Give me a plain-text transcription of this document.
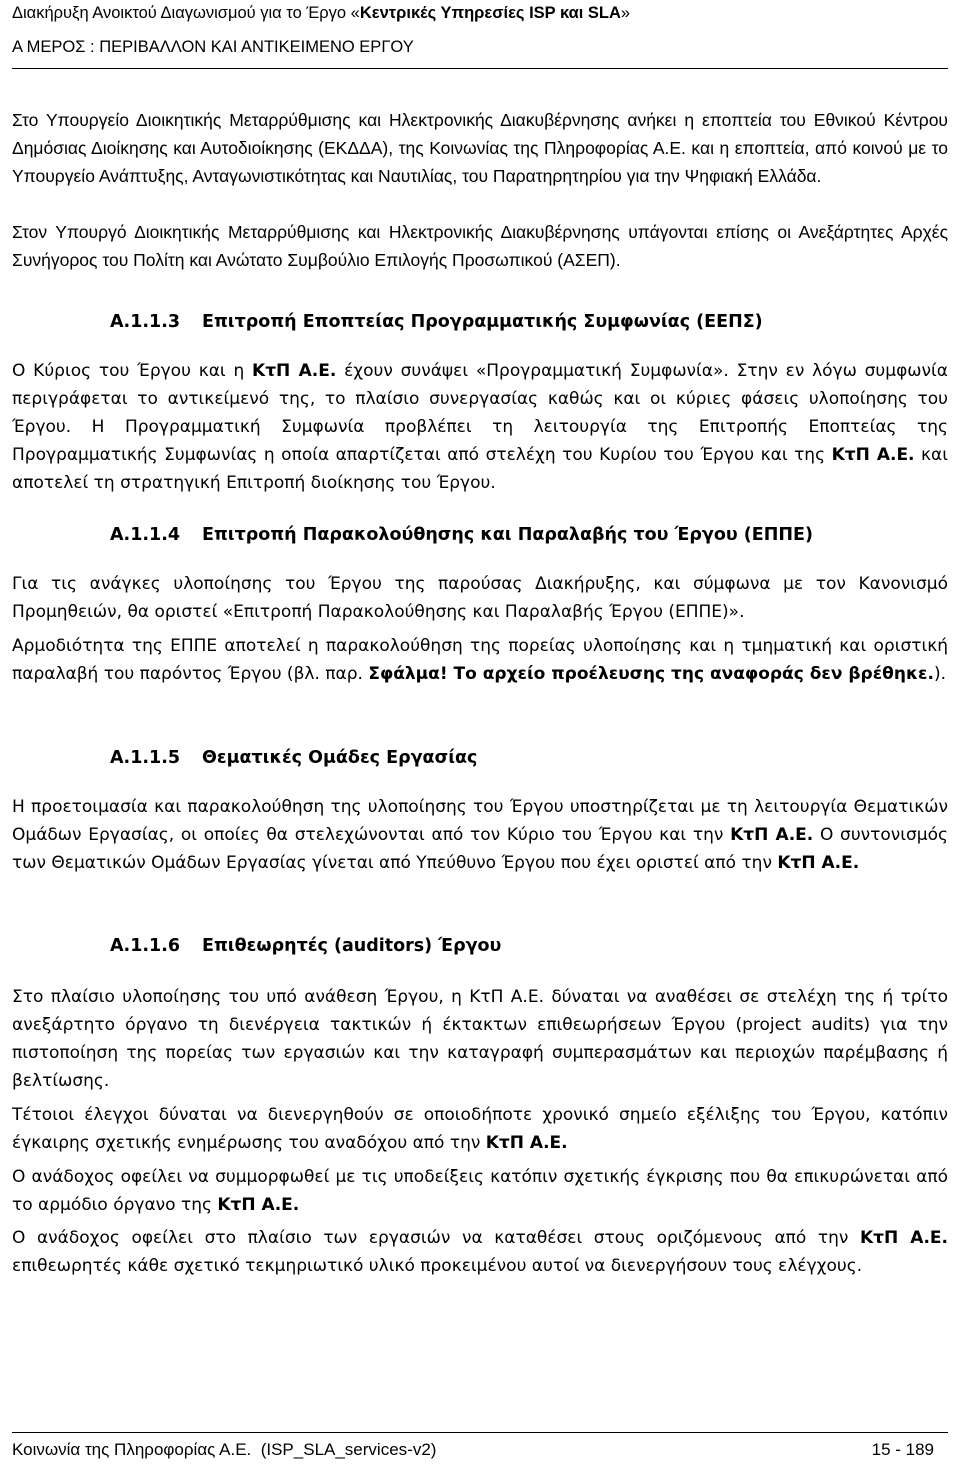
Διακήρυξη Ανοικτού Διαγωνισμού για το Έργο «Κεντρικές Υπηρεσίες ISP και SLA»
Α ΜΕΡΟΣ : ΠΕΡΙΒΑΛΛΟΝ ΚΑΙ ΑΝΤΙΚΕΙΜΕΝΟ ΕΡΓΟΥ

Στο Υπουργείο Διοικητικής Μεταρρύθμισης και Ηλεκτρονικής Διακυβέρνησης ανήκει η εποπτεία του Εθνικού Κέντρου Δημόσιας Διοίκησης και Αυτοδιοίκησης (ΕΚΔΔΑ), της Κοινωνίας της Πληροφορίας Α.Ε. και η εποπτεία, από κοινού με το Υπουργείο Ανάπτυξης, Ανταγωνιστικότητας και Ναυτιλίας, του Παρατηρητηρίου για την Ψηφιακή Ελλάδα.

Στον Υπουργό Διοικητικής Μεταρρύθμισης και Ηλεκτρονικής Διακυβέρνησης υπάγονται επίσης οι Ανεξάρτητες Αρχές Συνήγορος του Πολίτη και Ανώτατο Συμβούλιο Επιλογής Προσωπικού (ΑΣΕΠ).

Α.1.1.3 Επιτροπή Εποπτείας Προγραμματικής Συμφωνίας (ΕΕΠΣ)

Ο Κύριος του Έργου και η ΚτΠ Α.Ε. έχουν συνάψει «Προγραμματική Συμφωνία». Στην εν λόγω συμφωνία περιγράφεται το αντικείμενό της, το πλαίσιο συνεργασίας καθώς και οι κύριες φάσεις υλοποίησης του Έργου. Η Προγραμματική Συμφωνία προβλέπει τη λειτουργία της Επιτροπής Εποπτείας της Προγραμματικής Συμφωνίας η οποία απαρτίζεται από στελέχη του Κυρίου του Έργου και της ΚτΠ Α.Ε. και αποτελεί τη στρατηγική Επιτροπή διοίκησης του Έργου.

Α.1.1.4 Επιτροπή Παρακολούθησης και Παραλαβής του Έργου (ΕΠΠΕ)

Για τις ανάγκες υλοποίησης του Έργου της παρούσας Διακήρυξης, και σύμφωνα με τον Κανονισμό Προμηθειών, θα οριστεί «Επιτροπή Παρακολούθησης και Παραλαβής Έργου (ΕΠΠΕ)».

Αρμοδιότητα της ΕΠΠΕ αποτελεί η παρακολούθηση της πορείας υλοποίησης και η τμηματική και οριστική παραλαβή του παρόντος Έργου (βλ. παρ. Σφάλμα! Το αρχείο προέλευσης της αναφοράς δεν βρέθηκε.).

Α.1.1.5 Θεματικές Ομάδες Εργασίας

Η προετοιμασία και παρακολούθηση της υλοποίησης του Έργου υποστηρίζεται με τη λειτουργία Θεματικών Ομάδων Εργασίας, οι οποίες θα στελεχώνονται από τον Κύριο του Έργου και την ΚτΠ Α.Ε. Ο συντονισμός των Θεματικών Ομάδων Εργασίας γίνεται από Υπεύθυνο Έργου που έχει οριστεί από την ΚτΠ Α.Ε.

Α.1.1.6 Επιθεωρητές (auditors) Έργου

Στο πλαίσιο υλοποίησης του υπό ανάθεση Έργου, η ΚτΠ Α.Ε. δύναται να αναθέσει σε στελέχη της ή τρίτο ανεξάρτητο όργανο τη διενέργεια τακτικών ή έκτακτων επιθεωρήσεων Έργου (project audits) για την πιστοποίηση της πορείας των εργασιών και την καταγραφή συμπερασμάτων και περιοχών παρέμβασης ή βελτίωσης.

Τέτοιοι έλεγχοι δύναται να διενεργηθούν σε οποιοδήποτε χρονικό σημείο εξέλιξης του Έργου, κατόπιν έγκαιρης σχετικής ενημέρωσης του αναδόχου από την ΚτΠ Α.Ε.

Ο ανάδοχος οφείλει να συμμορφωθεί με τις υποδείξεις κατόπιν σχετικής έγκρισης που θα επικυρώνεται από το αρμόδιο όργανο της ΚτΠ Α.Ε.

Ο ανάδοχος οφείλει στο πλαίσιο των εργασιών να καταθέσει στους οριζόμενους από την ΚτΠ Α.Ε. επιθεωρητές κάθε σχετικό τεκμηριωτικό υλικό προκειμένου αυτοί να διενεργήσουν τους ελέγχους.

Κοινωνία της Πληροφορίας Α.Ε.  (ISP_SLA_services-v2)	15 - 189
